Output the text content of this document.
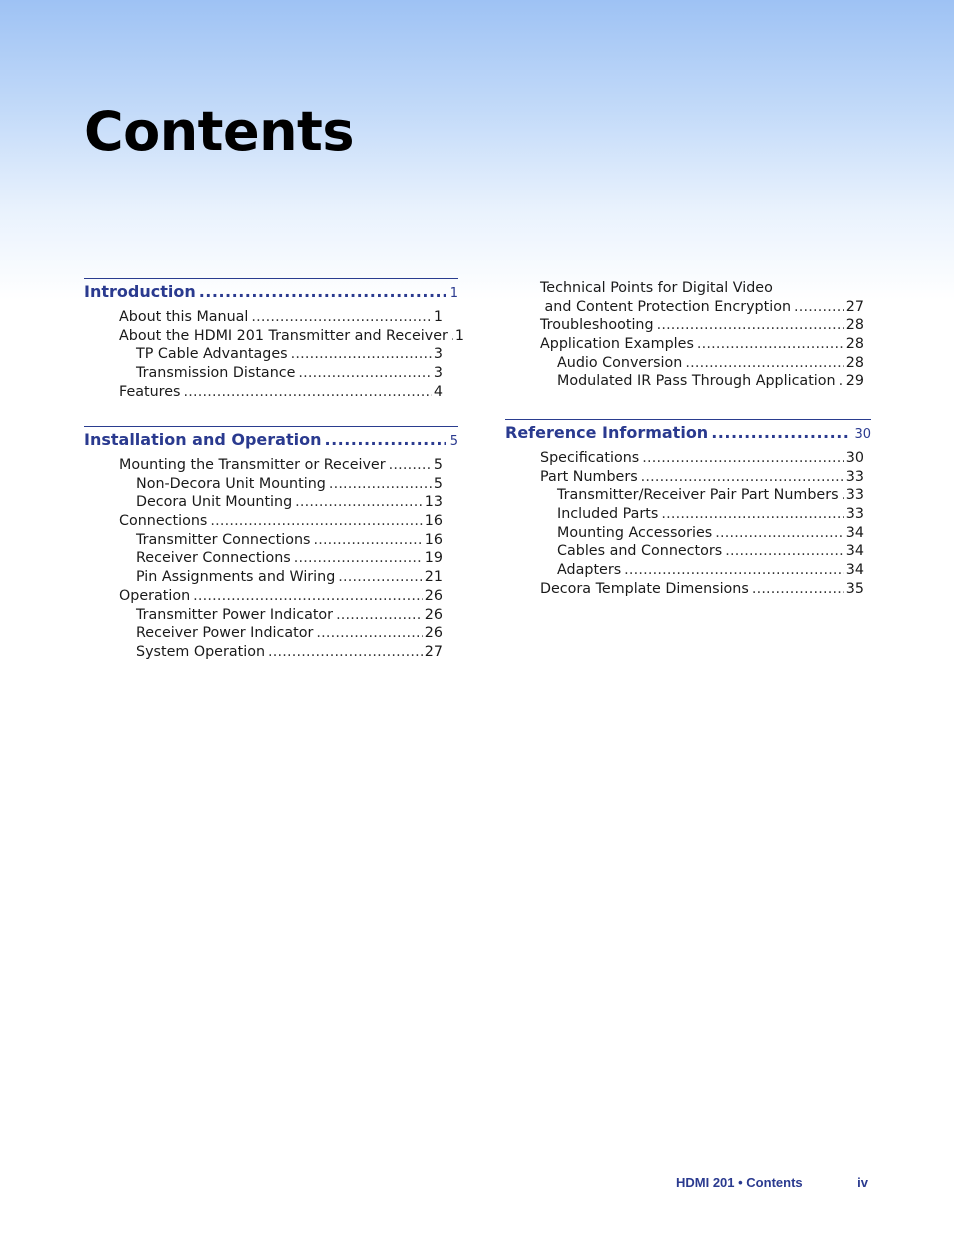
Contents
Introduction .....	1
About this Manual .....	1
About the HDMI 201 Transmitter and Receiver ..... 1
TP Cable Advantages .....	3
Transmission Distance .....	3
Features .....	4
Installation and Operation .....	5
Mounting the Transmitter or Receiver .....	5
Non-Decora Unit Mounting .....	5
Decora Unit Mounting .....	13
Connections .....	16
Transmitter Connections .....	16
Receiver Connections .....	19
Pin Assignments and Wiring .....	21
Operation .....	26
Transmitter Power Indicator .....	26
Receiver Power Indicator .....	26
System Operation .....	27
Technical Points for Digital Video
and Content Protection Encryption .....	27
Troubleshooting .....	28
Application Examples .....	28
Audio Conversion .....	28
Modulated IR Pass Through Application ..... 29
Reference Information .....	30
Specifications .....	30
Part Numbers .....	33
Transmitter/Receiver Pair Part Numbers ..... 33
Included Parts .....	33
Mounting Accessories .....	34
Cables and Connectors .....	34
Adapters .....	34
Decora Template Dimensions .....	35
HDMI 201 • Contents	iv
